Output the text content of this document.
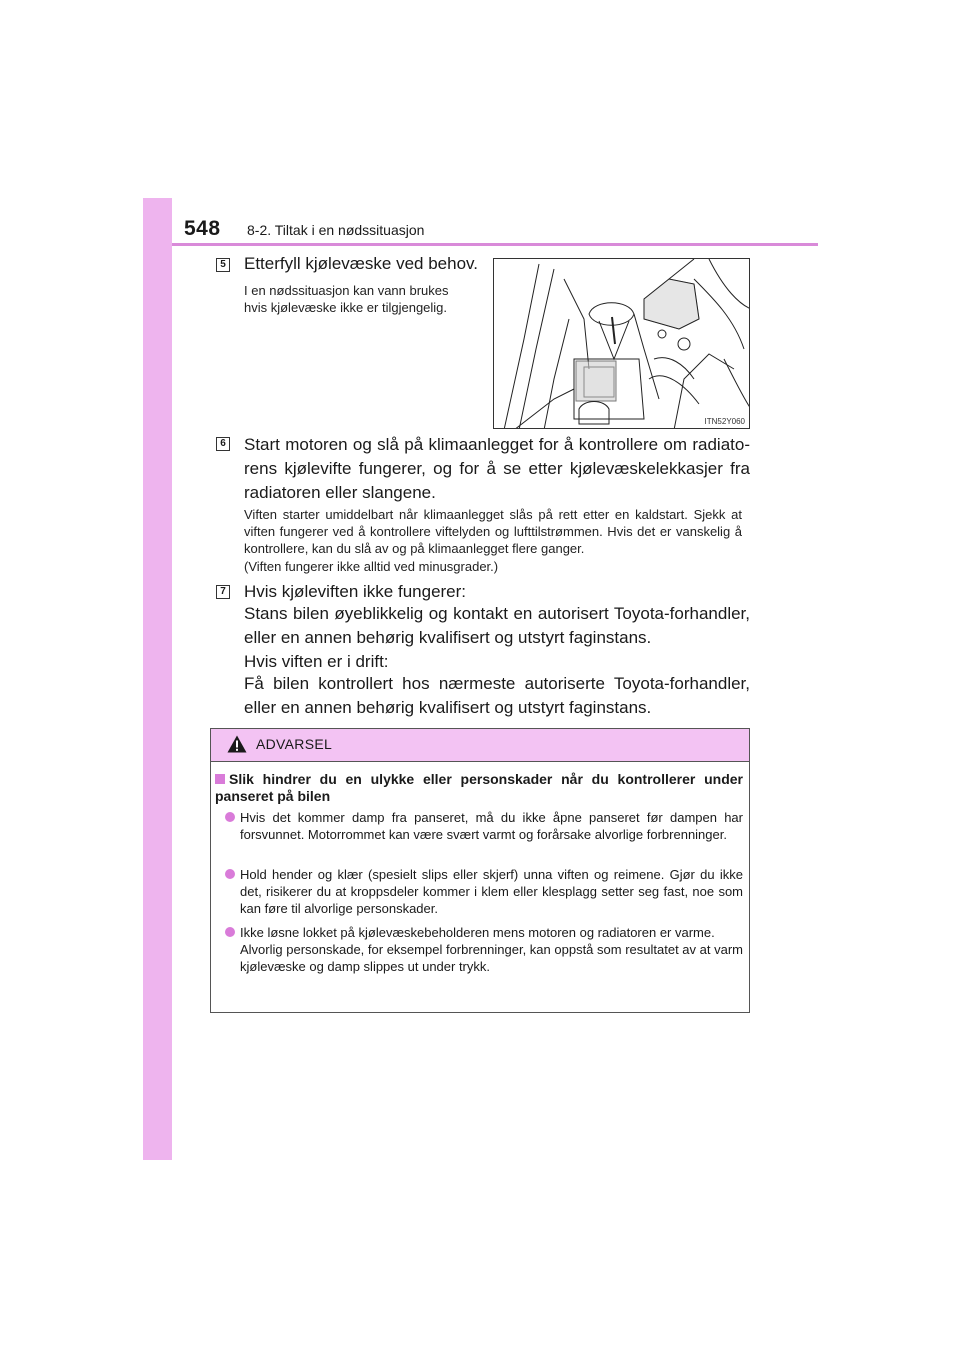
548 8-2. Tiltak i en nødssituasjon
5 Etterfyll kjølevæske ved behov.
I en nødssituasjon kan vann brukes
hvis kjølevæske ikke er tilgjengelig.
ITN52Y060
6 Start motoren og slå på klimaanlegget for å kontrollere om radiato-rens kjølevifte fungerer, og for å se etter kjølevæskelekkasjer fra radiatoren eller slangene.
Viften starter umiddelbart når klimaanlegget slås på rett etter en kaldstart. Sjekk at viften fungerer ved å kontrollere viftelyden og lufttilstrømmen. Hvis det er vanskelig å kontrollere, kan du slå av og på klimaanlegget flere ganger.
(Viften fungerer ikke alltid ved minusgrader.)
7 Hvis kjøleviften ikke fungerer:
Stans bilen øyeblikkelig og kontakt en autorisert Toyota-forhandler, eller en annen behørig kvalifisert og utstyrt faginstans.
Hvis viften er i drift:
Få bilen kontrollert hos nærmeste autoriserte Toyota-forhandler, eller en annen behørig kvalifisert og utstyrt faginstans.
ADVARSEL
Slik hindrer du en ulykke eller personskader når du kontrollerer under panseret på bilen
Hvis det kommer damp fra panseret, må du ikke åpne panseret før dampen har forsvunnet. Motorrommet kan være svært varmt og forårsake alvorlige forbrenninger.
Hold hender og klær (spesielt slips eller skjerf) unna viften og reimene. Gjør du ikke det, risikerer du at kroppsdeler kommer i klem eller klesplagg setter seg fast, noe som kan føre til alvorlige personskader.
Ikke løsne lokket på kjølevæskebeholderen mens motoren og radiatoren er varme.
Alvorlig personskade, for eksempel forbrenninger, kan oppstå som resultatet av at varm kjølevæske og damp slippes ut under trykk.
